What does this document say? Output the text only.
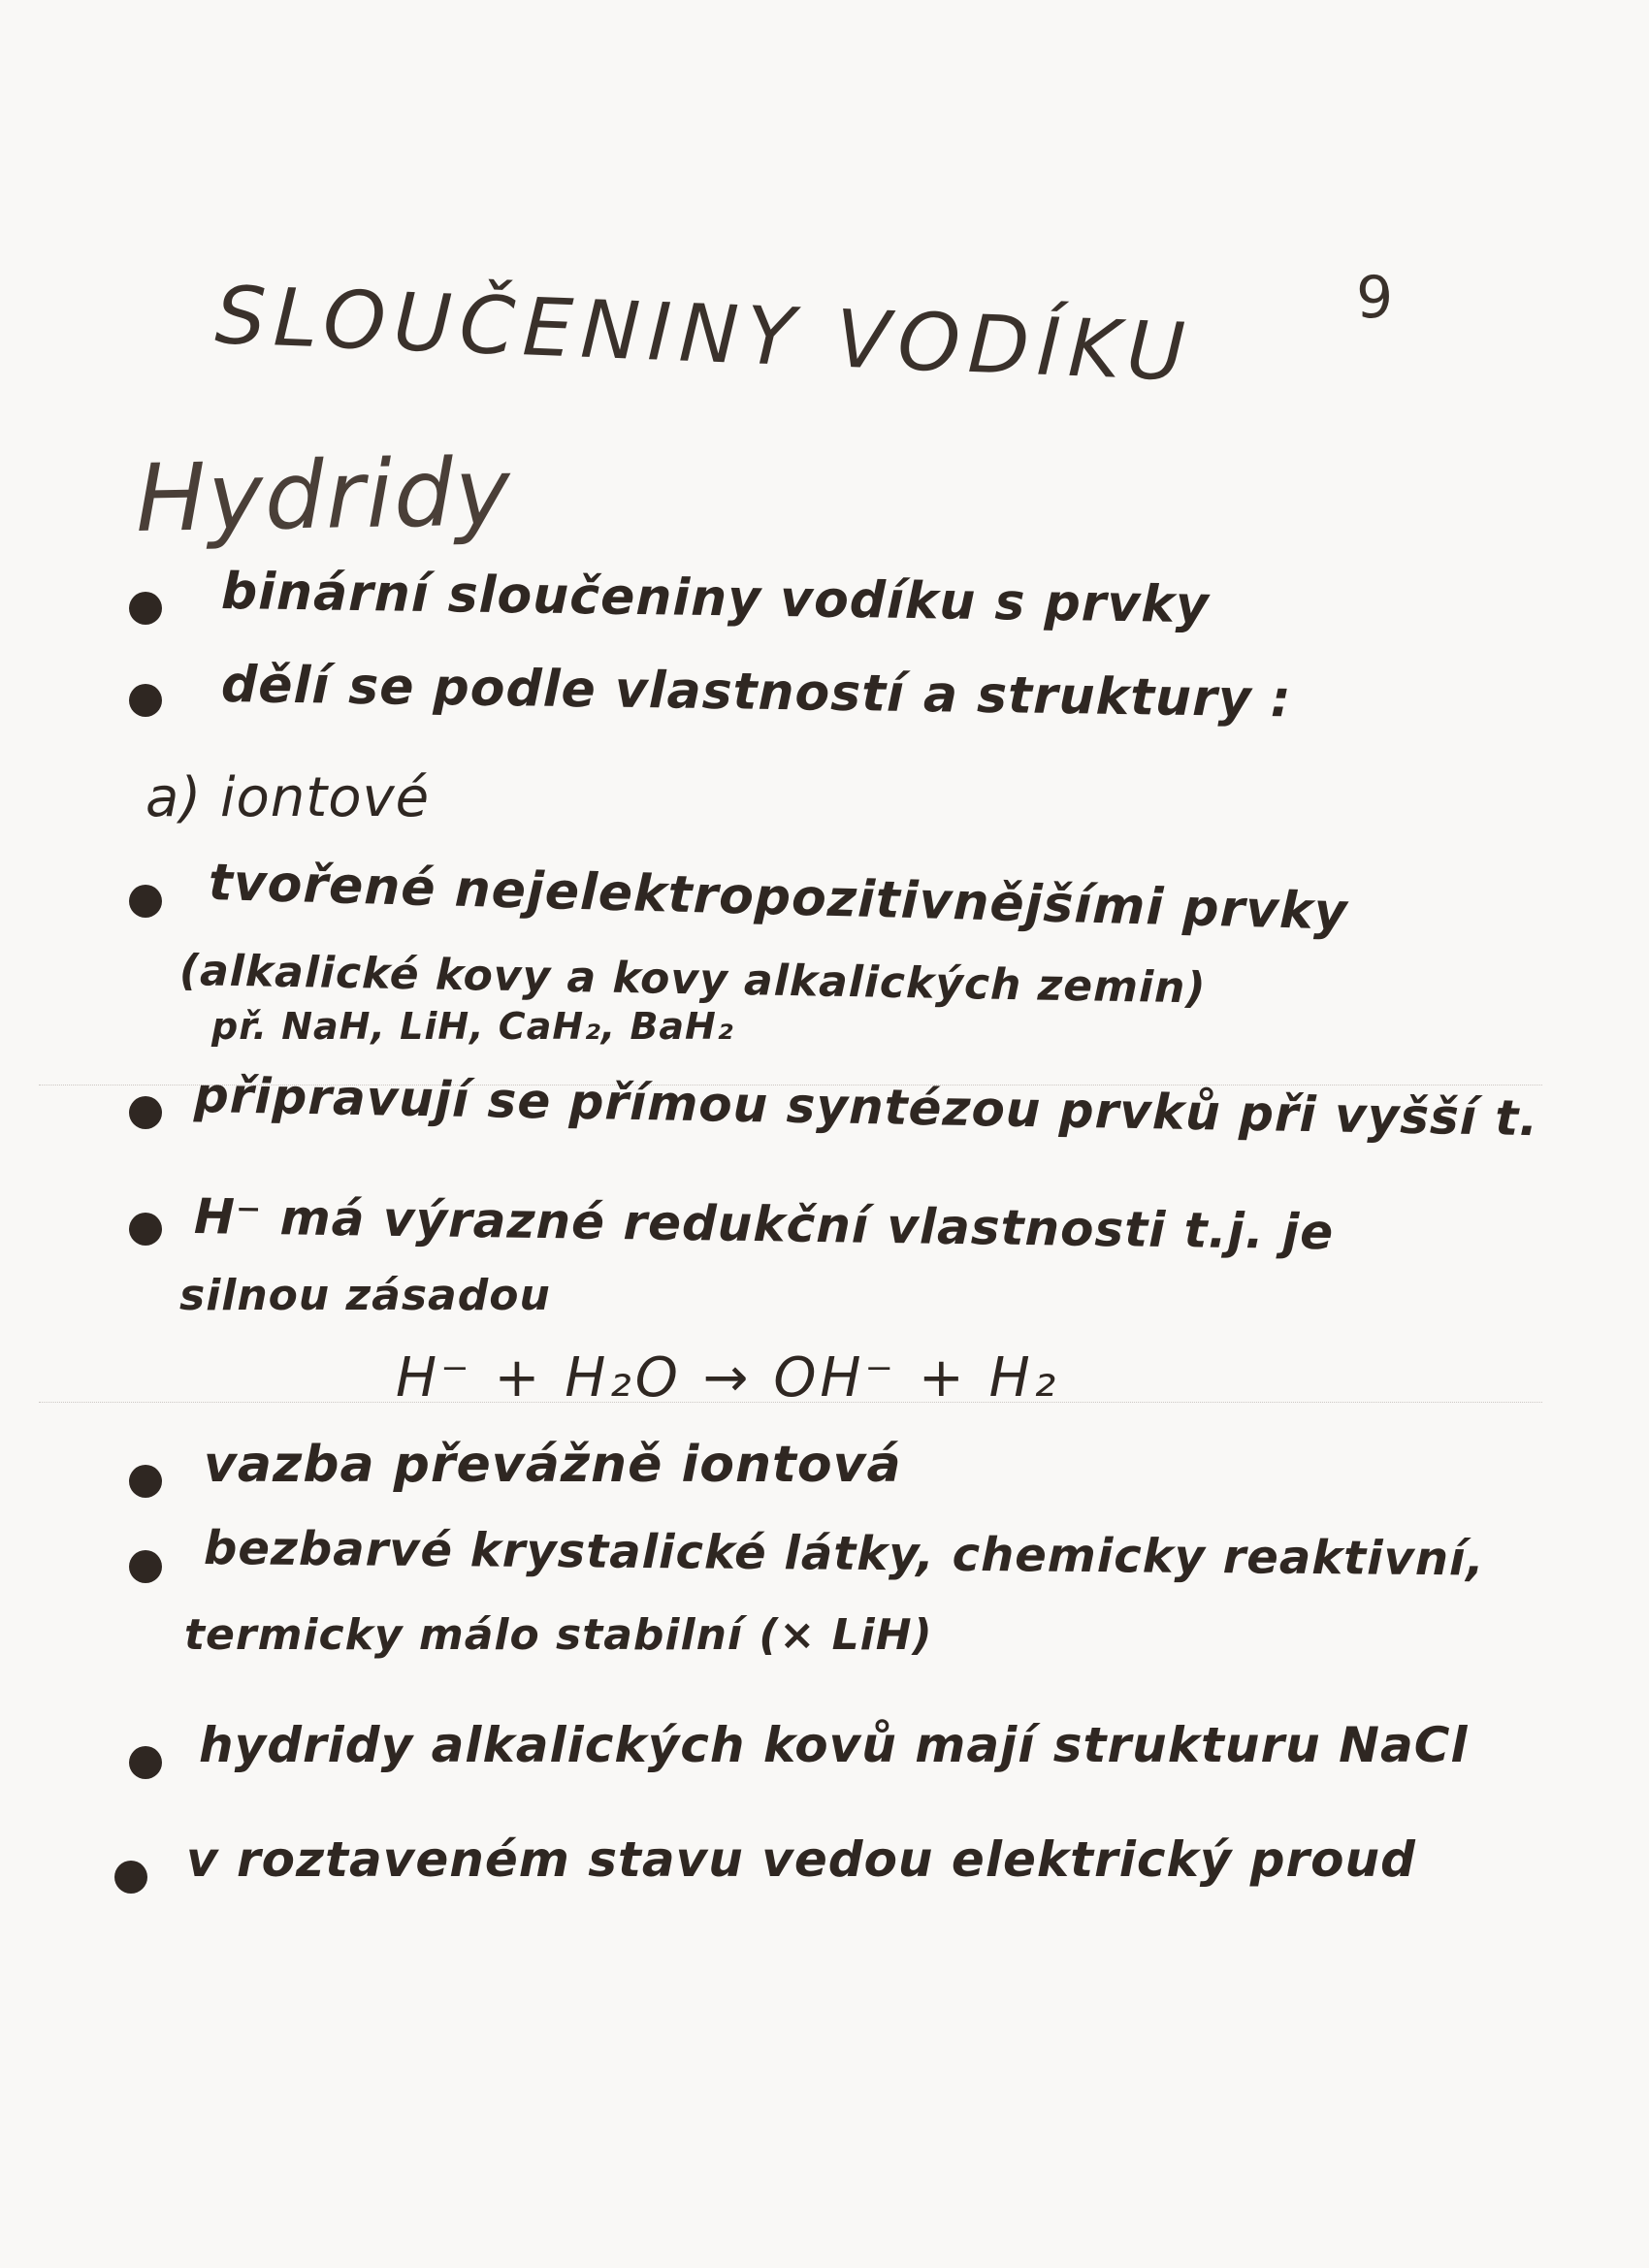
SLOUČENINY VODÍKU	9
Hydridy
binární sloučeniny vodíku s prvky
dělí se podle vlastností a struktury :
a) iontové
tvořené nejelektropozitivnějšími prvky
(alkalické kovy a kovy alkalických zemin)
př. NaH, LiH, CaH₂, BaH₂
připravují se přímou syntézou prvků při vyšší t.
H⁻ má výrazné redukční vlastnosti t.j. je
silnou zásadou
H⁻ + H₂O → OH⁻ + H₂
vazba převážně iontová
bezbarvé krystalické látky, chemicky reaktivní,
termicky málo stabilní (× LiH)
hydridy alkalických kovů mají strukturu NaCl
v roztaveném stavu vedou elektrický proud
